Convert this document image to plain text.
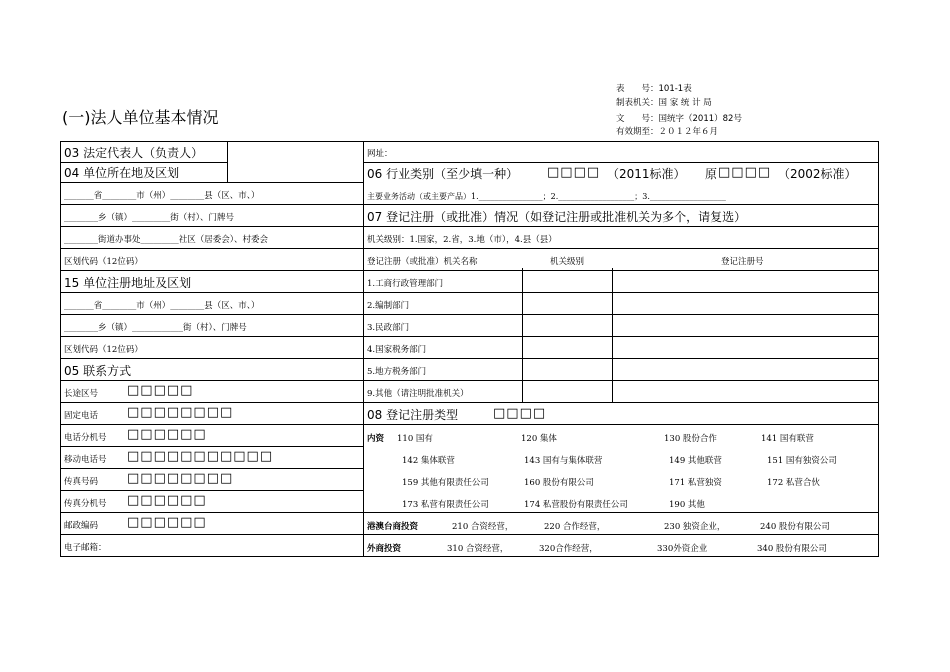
表　　号：101-1表
制表机关：国 家 统 计 局
文　　号：国统字（2011）82号
有效期至：２０１２年６月
(一)法人单位基本情况
03 法定代表人（负责人）
04 单位所在地及区划
_______省________市（州）________县（区、市、）
________乡（镇）_________街（村）、门牌号
________街道办事处_________社区（居委会）、村委会
区划代码（12位码）
15 单位注册地址及区划
_______省________市（州）________县（区、市、）
________乡（镇）____________街（村）、门牌号
区划代码（12位码）
05 联系方式
长途区号 □□□□□
固定电话 □□□□□□□□
电话分机号 □□□□□□
移动电话号 □□□□□□□□□□□
传真号码 □□□□□□□□
传真分机号 □□□□□□
邮政编码 □□□□□□
电子邮箱：
网址：
06 行业类别（至少填一种） □□□□ （2011标准） 原 □□□□ （2002标准）
主要业务活动（或主要产品）1.________________；2.___________________；3.___________________
07 登记注册（或批准）情况（如登记注册或批准机关为多个，请复选）
机关级别：1.国家，2.省，3.地（市），4.县（县）
登记注册（或批准）机关名称	机关级别	登记注册号
1.工商行政管理部门
2.编制部门
3.民政部门
4.国家税务部门
5.地方税务部门
9.其他（请注明批准机关）
08 登记注册类型	□□□□
内资 110 国有	120 集体	130 股份合作	141 国有联营
142 集体联营	143 国有与集体联营	149 其他联营	151 国有独资公司
159 其他有限责任公司	160 股份有限公司	171 私营独资	172 私营合伙
173 私营有限责任公司	174 私营股份有限责任公司	190 其他
港澳台商投资	210 合资经营，	220 合作经营，	230 独资企业，	240 股份有限公司
外商投资	310 合资经营，	320合作经营，	330外资企业	340 股份有限公司
